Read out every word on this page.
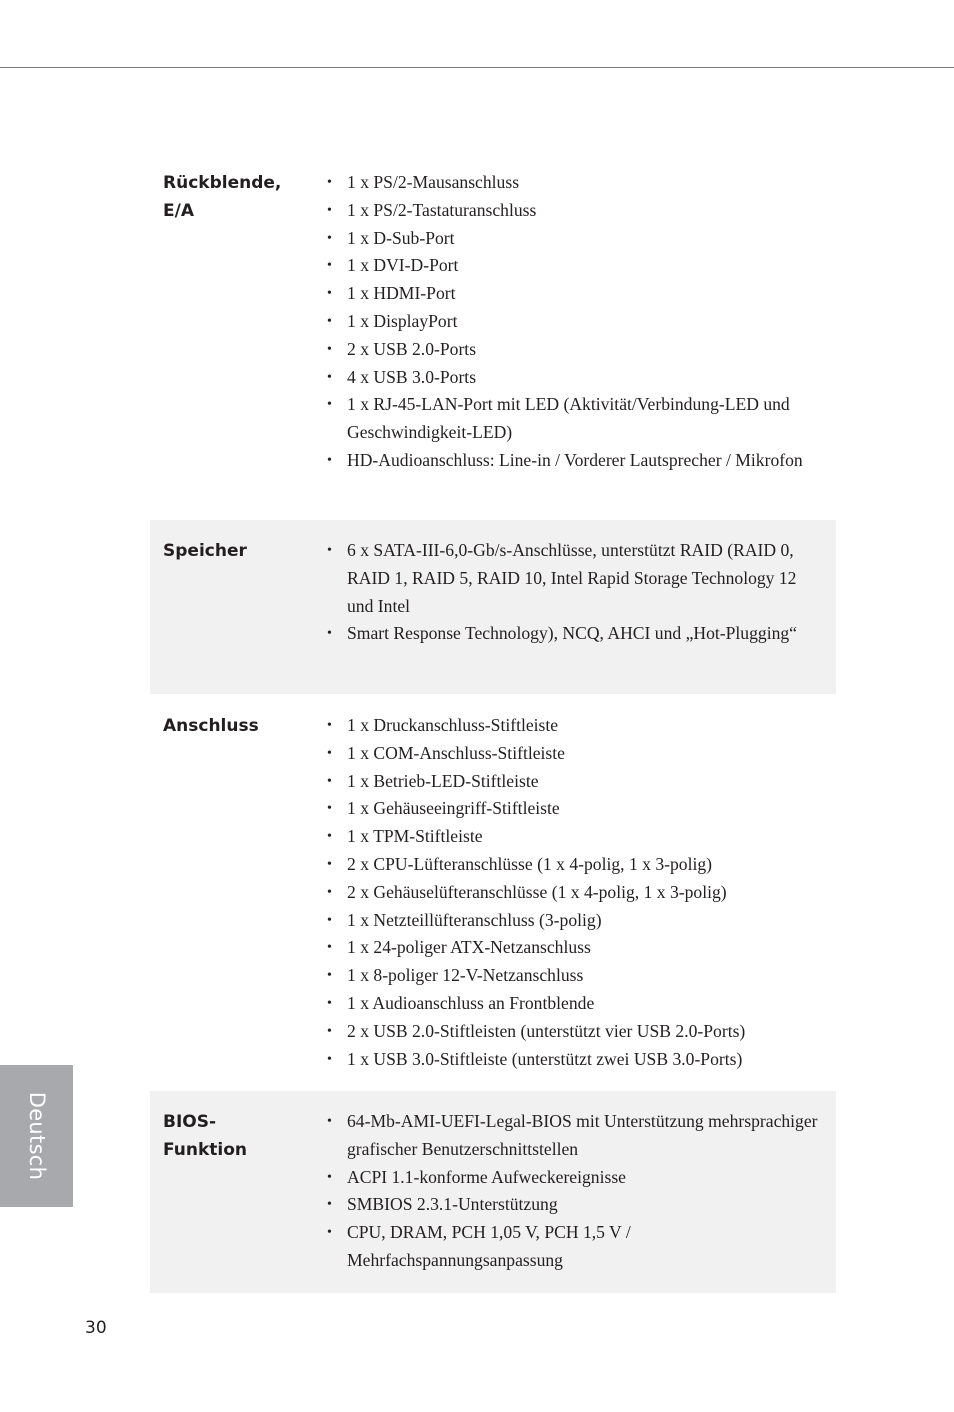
Rückblende,
E/A
• 1 x PS/2-Mausanschluss
• 1 x PS/2-Tastaturanschluss
• 1 x D-Sub-Port
• 1 x DVI-D-Port
• 1 x HDMI-Port
• 1 x DisplayPort
• 2 x USB 2.0-Ports
• 4 x USB 3.0-Ports
• 1 x RJ-45-LAN-Port mit LED (Aktivität/Verbindung-LED und Geschwindigkeit-LED)
• HD-Audioanschluss: Line-in / Vorderer Lautsprecher / Mikrofon
Speicher	• 6 x SATA-III-6,0-Gb/s-Anschlüsse, unterstützt RAID (RAID 0, RAID 1, RAID 5, RAID 10, Intel Rapid Storage Technology 12 und Intel
• Smart Response Technology), NCQ, AHCI und „Hot-Plugging“
Anschluss	• 1 x Druckanschluss-Stiftleiste
• 1 x COM-Anschluss-Stiftleiste
• 1 x Betrieb-LED-Stiftleiste
• 1 x Gehäuseeingriff-Stiftleiste
• 1 x TPM-Stiftleiste
• 2 x CPU-Lüfteranschlüsse (1 x 4-polig, 1 x 3-polig)
• 2 x Gehäuselüfteranschlüsse (1 x 4-polig, 1 x 3-polig)
• 1 x Netzteillüfteranschluss (3-polig)
• 1 x 24-poliger ATX-Netzanschluss
• 1 x 8-poliger 12-V-Netzanschluss
• 1 x Audioanschluss an Frontblende
• 2 x USB 2.0-Stiftleisten (unterstützt vier USB 2.0-Ports)
• 1 x USB 3.0-Stiftleiste (unterstützt zwei USB 3.0-Ports)
BIOS-
Funktion
• 64-Mb-AMI-UEFI-Legal-BIOS mit Unterstützung mehrsprachiger grafischer Benutzerschnittstellen
• ACPI 1.1-konforme Aufweckereignisse
• SMBIOS 2.3.1-Unterstützung
• CPU, DRAM, PCH 1,05 V, PCH 1,5 V / Mehrfachspannungsanpassung
Deutsch
30
